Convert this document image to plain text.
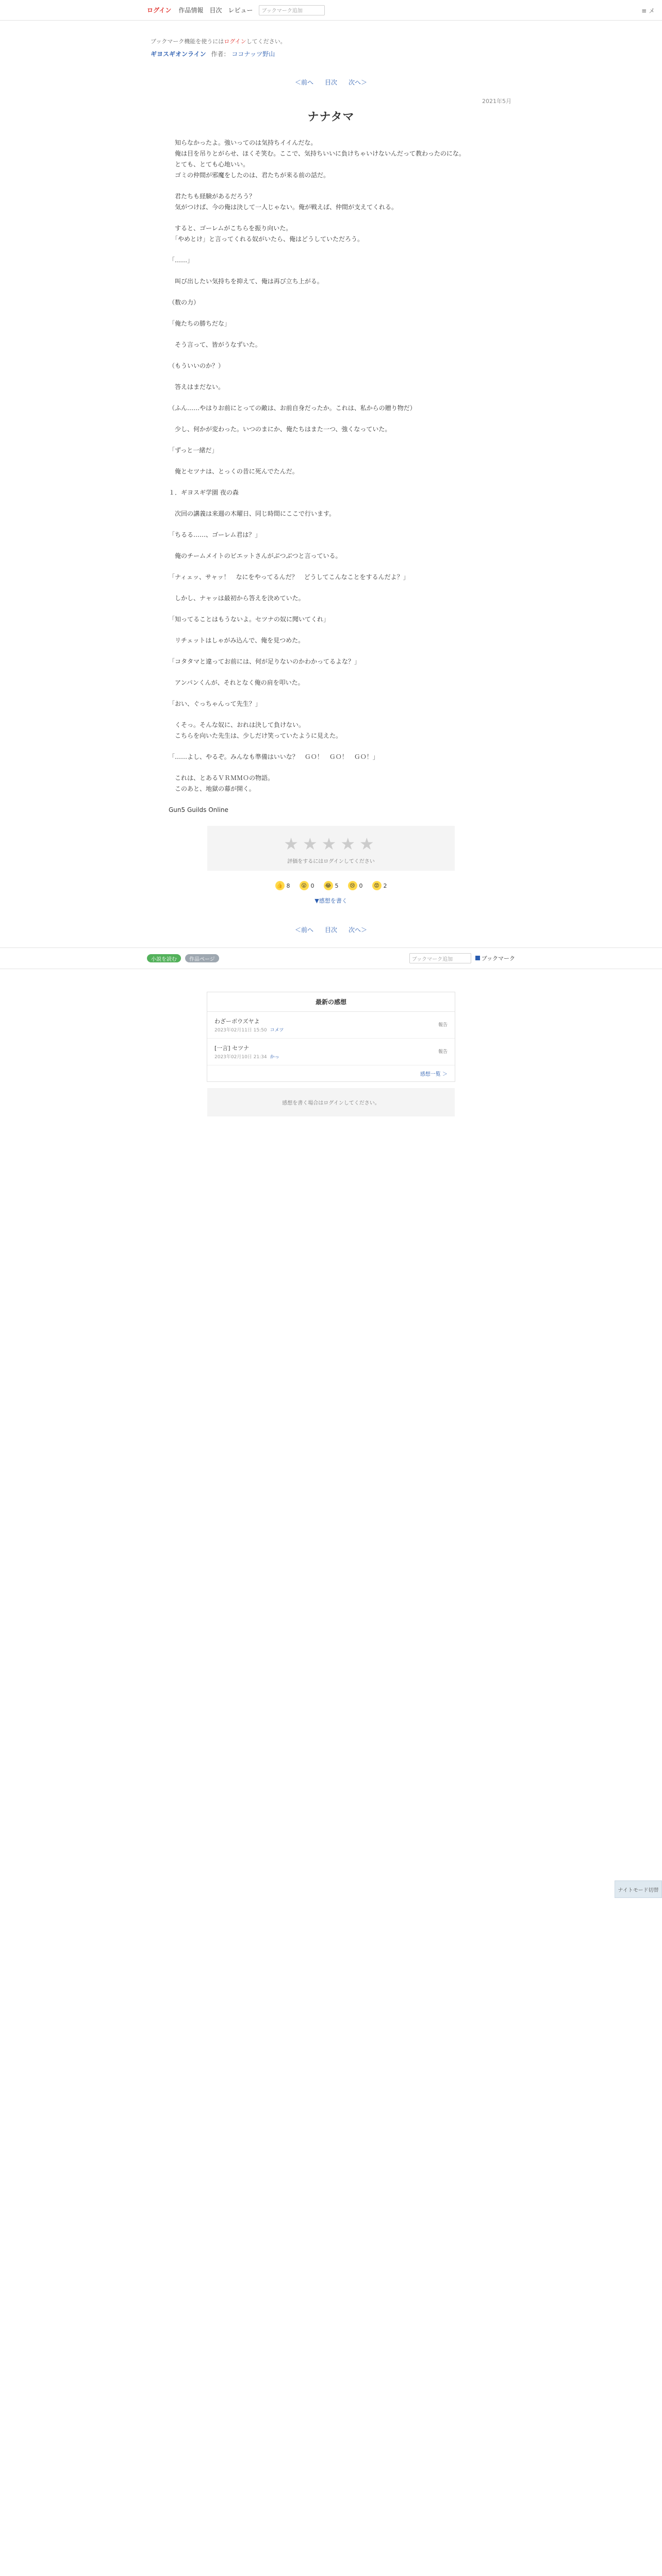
ログイン 作品情報 目次 レビュー	ブックマーク追加	≡ メ
ブックマーク機能を使うにはログインしてください。
ギヨスギオンライン 作者： ココナッツ野山
＜前へ 目次 次へ＞
2021年5月
ナナタマ

　知らなかったよ。強いってのは気持ちイイんだな。
　俺は目を吊りとがらせ、ほくそ笑む。ここで、気持ちいいに負けちゃいけないんだって教わったのにな。
　とても、とても心地いい。
　ゴミの仲間が邪魔をしたのは、君たちが来る前の話だ。

　君たちも経験があるだろう？
　気がつけば、今の俺は決して一人じゃない。俺が戦えば、仲間が支えてくれる。

　すると、ゴーレムがこちらを振り向いた。
　「やめとけ」と言ってくれる奴がいたら、俺はどうしていただろう。

「……」

　叫び出したい気持ちを抑えて、俺は再び立ち上がる。

（数の力）

「俺たちの勝ちだな」

　そう言って、皆がうなずいた。

（もういいのか？）

　答えはまだない。

（ふん……やはりお前にとっての敵は、お前自身だったか。これは、私からの贈り物だ）

　少し、何かが変わった。いつのまにか、俺たちはまた一つ、強くなっていた。

「ずっと一緒だ」

　俺とセツナは、とっくの昔に死んでたんだ。

１．ギヨスギ学園 夜の森

　次回の講義は来週の木曜日、同じ時間にここで行います。

「ちるる……、ゴーレム君は？」

　俺のチームメイトのビエットさんがぶつぶつと言っている。

「ナィェッ、サャッ！　なにをやってるんだ？　どうしてこんなことをするんだよ？」

　しかし、ナャッは最初から答えを決めていた。

「知ってることはもうないよ。セツナの奴に聞いてくれ」

　リチェットはしゃがみ込んで、俺を見つめた。

「コタタマと違ってお前には、何が足りないのかわかってるよな？」

　アンパンくんが、それとなく俺の肩を叩いた。

「おい、ぐっちゃんって先生？」

　くそっ。そんな奴に、おれは決して負けない。
　こちらを向いた先生は、少しだけ笑っていたように見えた。

「……よし、やるぞ。みんなも準備はいいな？　ＧＯ！　ＧＯ！　ＧＯ！」

　これは、とあるＶＲＭＭＯの物語。
　このあと、地獄の幕が開く。

Gun5 Guilds Online

★★★★★
評価をするにはログインしてください
👍 8	😮 0	😂 5	😢 0	😡 2
▼感想を書く
＜前へ 目次 次へ＞
小説を読む	作品ページ	ブックマーク追加	ブックマーク
最新の感想
わざーボウズヤよ
2023年02月11日 15:50 コメツ
報告
[一言] セツナ
2023年02月10日 21:34 かっ
報告
感想一覧 ＞
感想を書く場合はログインしてください。
ナイトモード切替
